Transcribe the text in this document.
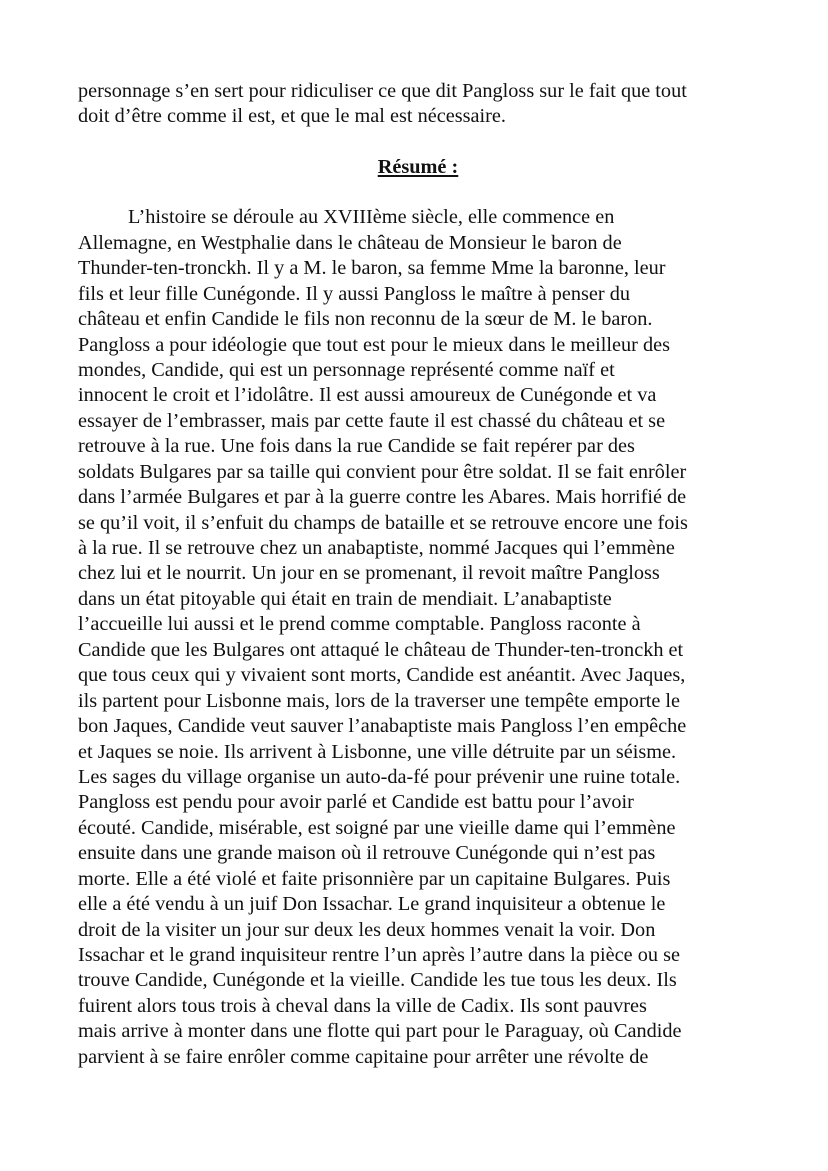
personnage s’en sert pour ridiculiser ce que dit Pangloss sur le fait que tout
doit d’être comme il est, et que le mal est nécessaire.
Résumé :
L’histoire se déroule au XVIIIème siècle, elle commence en
Allemagne, en Westphalie dans le château de Monsieur le baron de
Thunder-ten-tronckh. Il y a M. le baron, sa femme Mme la baronne, leur
fils et leur fille Cunégonde. Il y aussi Pangloss le maître à penser du
château et enfin Candide le fils non reconnu de la sœur de M. le baron.
Pangloss a pour idéologie que tout est pour le mieux dans le meilleur des
mondes, Candide, qui est un personnage représenté comme naïf et
innocent le croit et l’idolâtre. Il est aussi amoureux de Cunégonde et va
essayer de l’embrasser, mais par cette faute il est chassé du château et se
retrouve à la rue. Une fois dans la rue Candide se fait repérer par des
soldats Bulgares par sa taille qui convient pour être soldat. Il se fait enrôler
dans l’armée Bulgares et par à la guerre contre les Abares. Mais horrifié de
se qu’il voit, il s’enfuit du champs de bataille et se retrouve encore une fois
à la rue. Il se retrouve chez un anabaptiste, nommé Jacques qui l’emmène
chez lui et le nourrit. Un jour en se promenant, il revoit maître Pangloss
dans un état pitoyable qui était en train de mendiait. L’anabaptiste
l’accueille lui aussi et le prend comme comptable. Pangloss raconte à
Candide que les Bulgares ont attaqué le château de Thunder-ten-tronckh et
que tous ceux qui y vivaient sont morts, Candide est anéantit. Avec Jaques,
ils partent pour Lisbonne mais, lors de la traverser une tempête emporte le
bon Jaques, Candide veut sauver l’anabaptiste mais Pangloss l’en empêche
et Jaques se noie. Ils arrivent à Lisbonne, une ville détruite par un séisme.
Les sages du village organise un auto-da-fé pour prévenir une ruine totale.
Pangloss est pendu pour avoir parlé et Candide est battu pour l’avoir
écouté. Candide, misérable, est soigné par une vieille dame qui l’emmène
ensuite dans une grande maison où il retrouve Cunégonde qui n’est pas
morte. Elle a été violé et faite prisonnière par un capitaine Bulgares. Puis
elle a été vendu à un juif Don Issachar. Le grand inquisiteur a obtenue le
droit de la visiter un jour sur deux les deux hommes venait la voir. Don
Issachar et le grand inquisiteur rentre l’un après l’autre dans la pièce ou se
trouve Candide, Cunégonde et la vieille. Candide les tue tous les deux. Ils
fuirent alors tous trois à cheval dans la ville de Cadix. Ils sont pauvres
mais arrive à monter dans une flotte qui part pour le Paraguay, où Candide
parvient à se faire enrôler comme capitaine pour arrêter une révolte de
